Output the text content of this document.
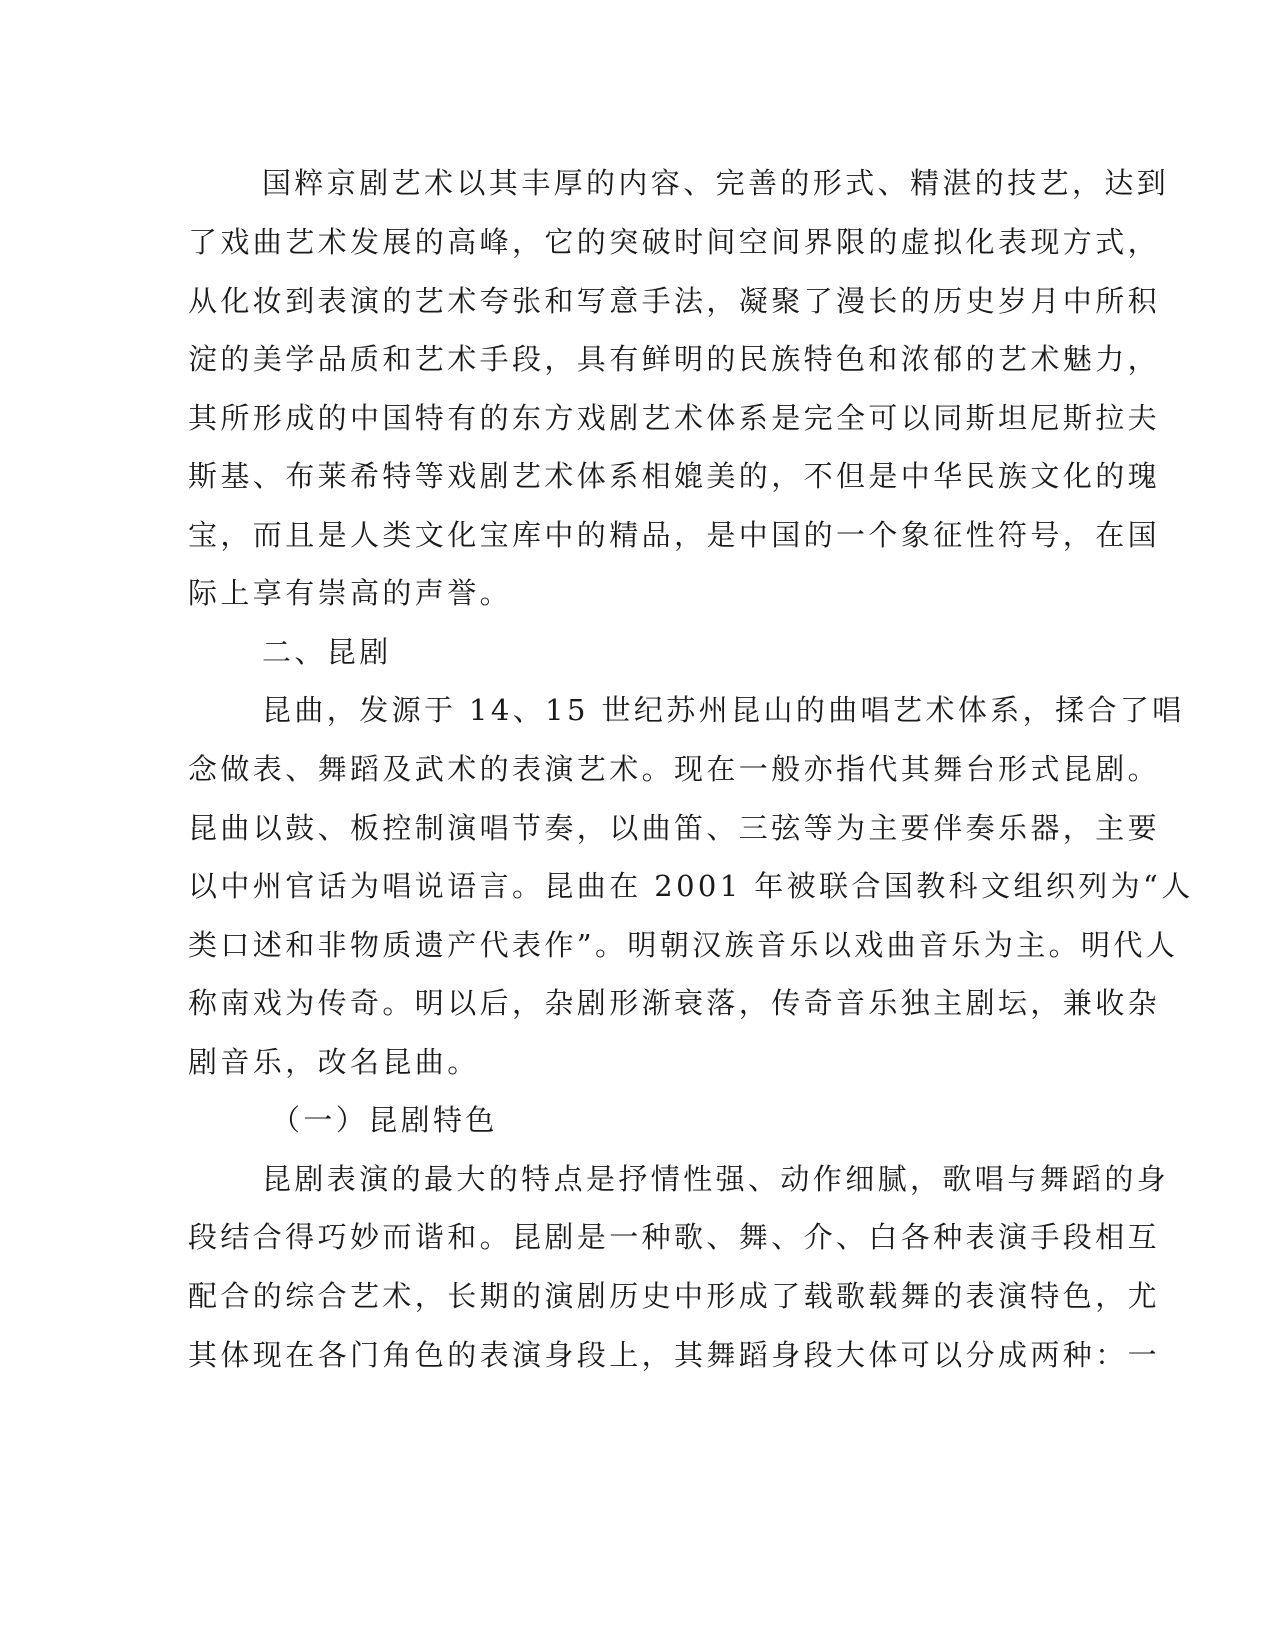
国粹京剧艺术以其丰厚的内容、完善的形式、精湛的技艺，达到

了戏曲艺术发展的高峰，它的突破时间空间界限的虚拟化表现方式，

从化妆到表演的艺术夸张和写意手法，凝聚了漫长的历史岁月中所积

淀的美学品质和艺术手段，具有鲜明的民族特色和浓郁的艺术魅力，

其所形成的中国特有的东方戏剧艺术体系是完全可以同斯坦尼斯拉夫

斯基、布莱希特等戏剧艺术体系相媲美的，不但是中华民族文化的瑰

宝，而且是人类文化宝库中的精品，是中国的一个象征性符号，在国

际上享有崇高的声誉。

二、昆剧

昆曲，发源于 14、15 世纪苏州昆山的曲唱艺术体系，揉合了唱

念做表、舞蹈及武术的表演艺术。现在一般亦指代其舞台形式昆剧。

昆曲以鼓、板控制演唱节奏，以曲笛、三弦等为主要伴奏乐器，主要

以中州官话为唱说语言。昆曲在 2001 年被联合国教科文组织列为“人

类口述和非物质遗产代表作”。明朝汉族音乐以戏曲音乐为主。明代人

称南戏为传奇。明以后，杂剧形渐衰落，传奇音乐独主剧坛，兼收杂

剧音乐，改名昆曲。

（一）昆剧特色

昆剧表演的最大的特点是抒情性强、动作细腻，歌唱与舞蹈的身

段结合得巧妙而谐和。昆剧是一种歌、舞、介、白各种表演手段相互

配合的综合艺术，长期的演剧历史中形成了载歌载舞的表演特色，尤

其体现在各门角色的表演身段上，其舞蹈身段大体可以分成两种：一
